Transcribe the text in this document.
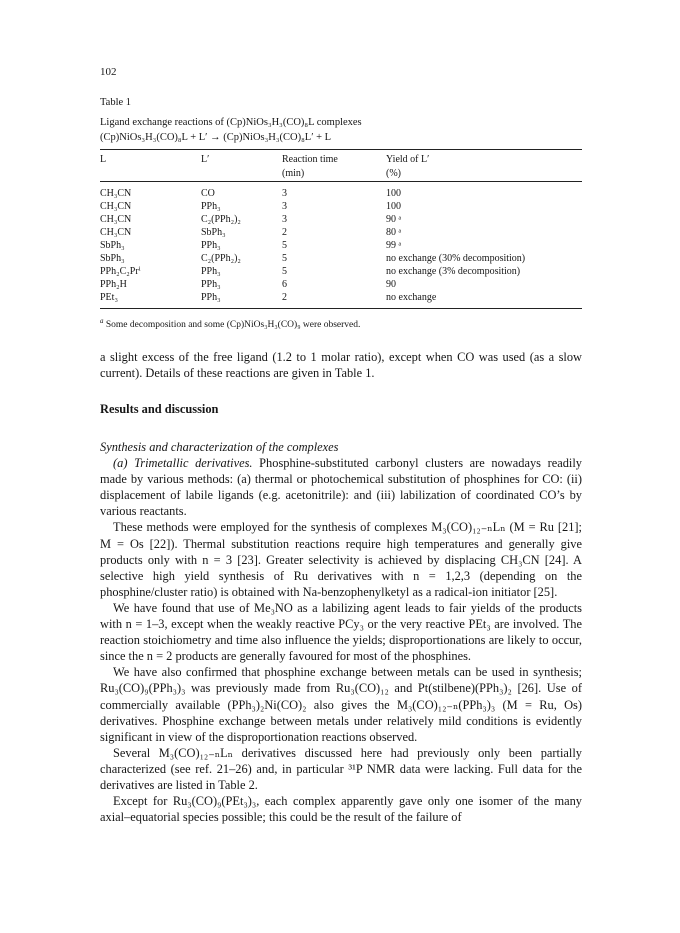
102
Table 1
Ligand exchange reactions of (Cp)NiOs₃H₃(CO)₈L complexes
(Cp)NiOs₃H₃(CO)₈L + L′ → (Cp)NiOs₃H₃(CO)₈L′ + L
L	L′	Reaction time	Yield of L′
		(min)	(%)
CH₃CN	CO	3	100
CH₃CN	PPh₃	3	100
CH₃CN	C₂(PPh₂)₂	3	90 ᵃ
CH₃CN	SbPh₃	2	80 ᵃ
SbPh₃	PPh₃	5	99 ᵃ
SbPh₃	C₂(PPh₂)₂	5	no exchange (30% decomposition)
PPh₂C₂Prⁱ	PPh₃	5	no exchange (3% decomposition)
PPh₂H	PPh₃	6	90
PEt₃	PPh₃	2	no exchange
$^a$ Some decomposition and some (Cp)NiOs₃H₃(CO)₉ were observed.

a slight excess of the free ligand (1.2 to 1 molar ratio), except when CO was used (as a slow current). Details of these reactions are given in Table 1.

Results and discussion

Synthesis and characterization of the complexes

(a) Trimetallic derivatives. Phosphine-substituted carbonyl clusters are nowadays readily made by various methods: (a) thermal or photochemical substitution of phosphines for CO: (ii) displacement of labile ligands (e.g. acetonitrile): and (iii) labilization of coordinated CO’s by various reactants.

These methods were employed for the synthesis of complexes M₃(CO)₁₂₋ₙLₙ (M = Ru [21]; M = Os [22]). Thermal substitution reactions require high temperatures and generally give products only with n = 3 [23]. Greater selectivity is achieved by displacing CH₃CN [24]. A selective high yield synthesis of Ru derivatives with n = 1,2,3 (depending on the phosphine/cluster ratio) is obtained with Na-benzophenylketyl as a radical-ion initiator [25].

We have found that use of Me₃NO as a labilizing agent leads to fair yields of the products with n = 1–3, except when the weakly reactive PCy₃ or the very reactive PEt₃ are involved. The reaction stoichiometry and time also influence the yields; disproportionations are likely to occur, since the n = 2 products are generally favoured for most of the phosphines.

We have also confirmed that phosphine exchange between metals can be used in synthesis; Ru₃(CO)₉(PPh₃)₃ was previously made from Ru₃(CO)₁₂ and Pt(stilbene)(PPh₃)₂ [26]. Use of commercially available (PPh₃)₂Ni(CO)₂ also gives the M₃(CO)₁₂₋ₙ(PPh₃)₃ (M = Ru, Os) derivatives. Phosphine exchange between metals under relatively mild conditions is evidently significant in view of the disproportionation reactions observed.

Several M₃(CO)₁₂₋ₙLₙ derivatives discussed here had previously only been partially characterized (see ref. 21–26) and, in particular ³¹P NMR data were lacking. Full data for the derivatives are listed in Table 2.

Except for Ru₃(CO)₉(PEt₃)₃, each complex apparently gave only one isomer of the many axial–equatorial species possible; this could be the result of the failure of
